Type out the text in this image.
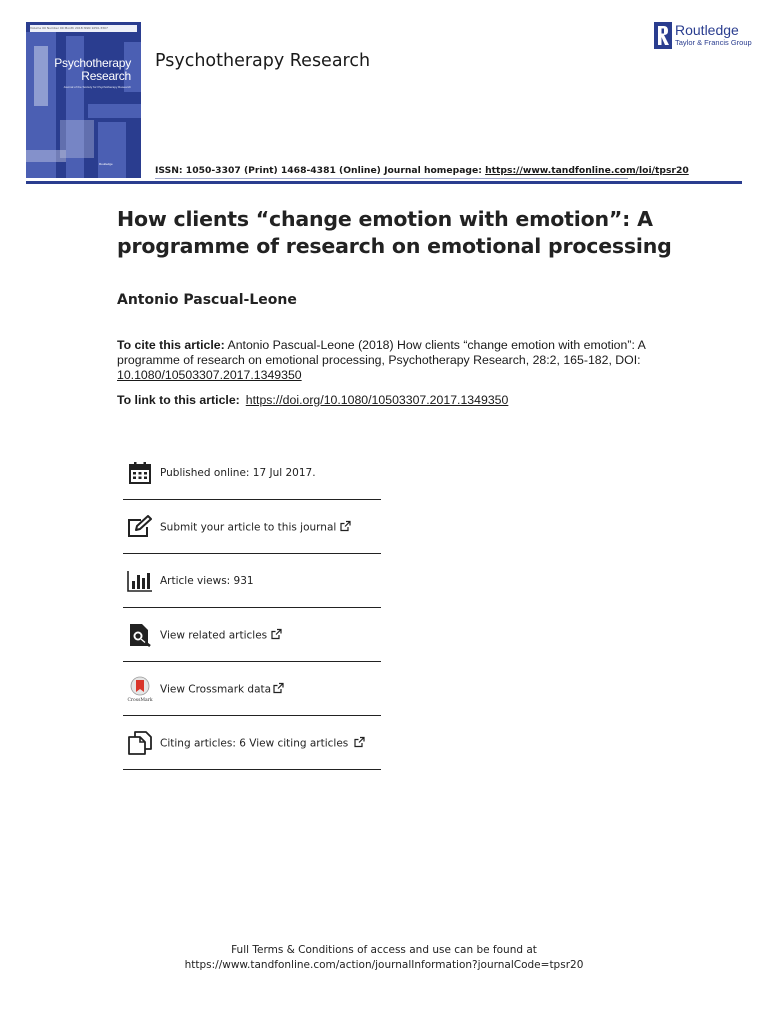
Volume 00 Number 00 Month 2018 ISSN 1050-3307
Psychotherapy
Research
Journal of the Society for Psychotherapy Research
Routledge
Psychotherapy Research
Routledge
Taylor & Francis Group
ISSN: 1050-3307 (Print) 1468-4381 (Online) Journal homepage: https://www.tandfonline.com/loi/tpsr20
How clients “change emotion with emotion”: A programme of research on emotional processing
Antonio Pascual-Leone
To cite this article: Antonio Pascual-Leone (2018) How clients “change emotion with emotion”: A programme of research on emotional processing, Psychotherapy Research, 28:2, 165-182, DOI: 10.1080/10503307.2017.1349350
To link to this article: https://doi.org/10.1080/10503307.2017.1349350
Published online: 17 Jul 2017.
Submit your article to this journal
Article views: 931
View related articles
CrossMark
View Crossmark data
Citing articles: 6 View citing articles
Full Terms & Conditions of access and use can be found at
https://www.tandfonline.com/action/journalInformation?journalCode=tpsr20
